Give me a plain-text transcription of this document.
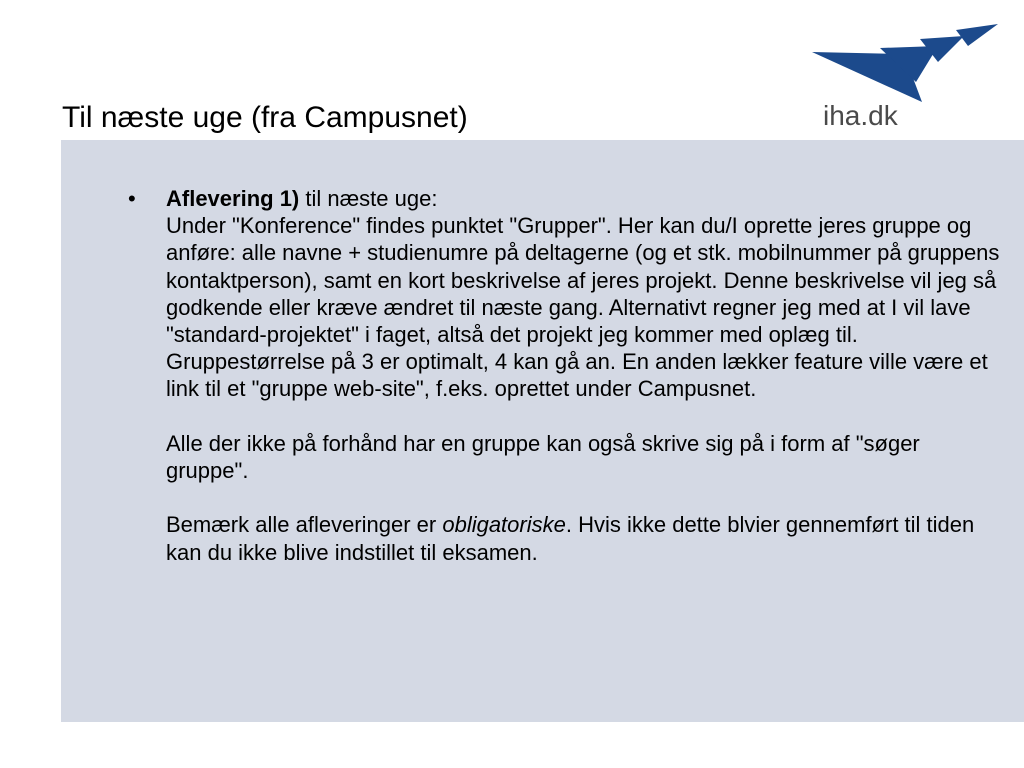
Til næste uge (fra Campusnet)	iha.dk
• Aflevering 1) til næste uge:

Under "Konference" findes punktet "Grupper". Her kan du/I oprette jeres gruppe og anføre: alle navne + studienumre på deltagerne (og et stk. mobilnummer på gruppens kontaktperson), samt en kort beskrivelse af jeres projekt. Denne beskrivelse vil jeg så godkende eller kræve ændret til næste gang. Alternativt regner jeg med at I vil lave "standard-projektet" i faget, altså det projekt jeg kommer med oplæg til. Gruppestørrelse på 3 er optimalt, 4 kan gå an. En anden lækker feature ville være et link til et "gruppe web-site", f.eks. oprettet under Campusnet.

Alle der ikke på forhånd har en gruppe kan også skrive sig på i form af "søger gruppe".

Bemærk alle afleveringer er obligatoriske. Hvis ikke dette blvier gennemført til tiden kan du ikke blive indstillet til eksamen.
